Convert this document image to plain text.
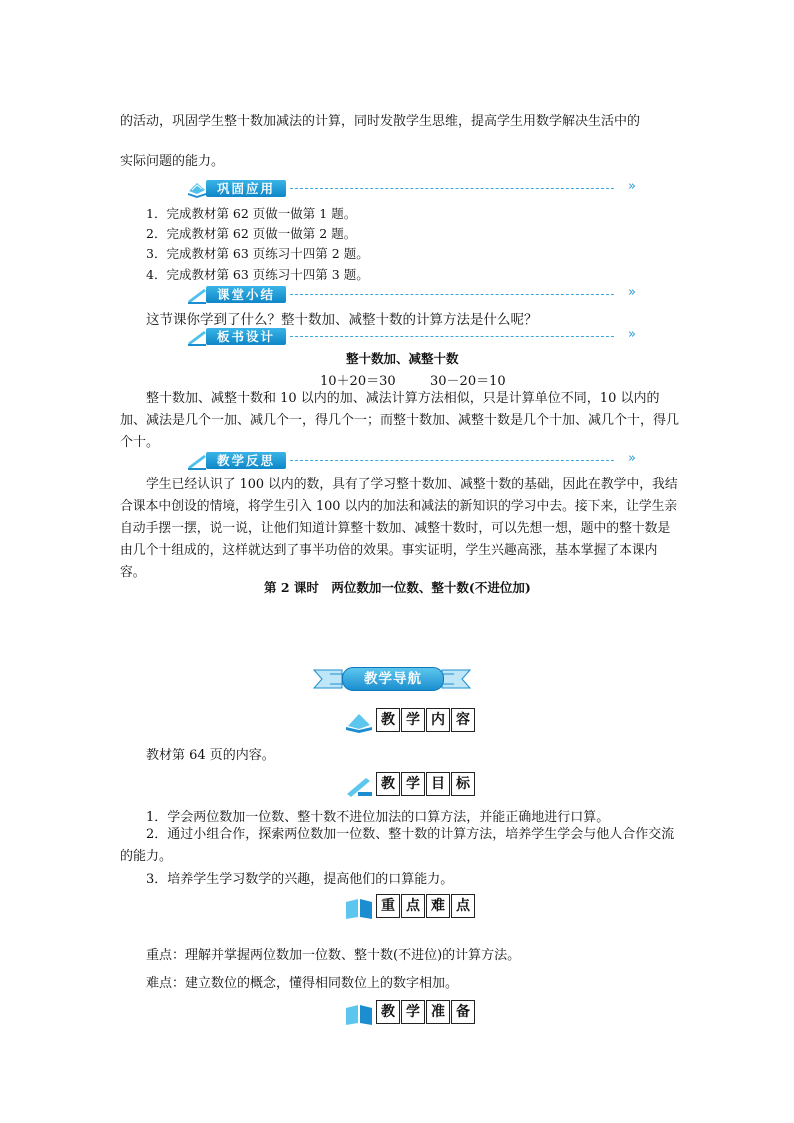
的活动，巩固学生整十数加减法的计算，同时发散学生思维，提高学生用数学解决生活中的
实际问题的能力。
巩固应用	»
1．完成教材第 62 页做一做第 1 题。
2．完成教材第 62 页做一做第 2 题。
3．完成教材第 63 页练习十四第 2 题。
4．完成教材第 63 页练习十四第 3 题。
课堂小结	»
这节课你学到了什么？整十数加、减整十数的计算方法是什么呢？
板书设计	»
整十数加、减整十数
10＋20＝30	30－20＝10
整十数加、减整十数和 10 以内的加、减法计算方法相似，只是计算单位不同，10 以内的加、减法是几个一加、减几个一，得几个一；而整十数加、减整十数是几个十加、减几个十，得几个十。
教学反思	»
学生已经认识了 100 以内的数，具有了学习整十数加、减整十数的基础，因此在教学中，我结合课本中创设的情境，将学生引入 100 以内的加法和减法的新知识的学习中去。接下来，让学生亲自动手摆一摆，说一说，让他们知道计算整十数加、减整十数时，可以先想一想，题中的整十数是由几个十组成的，这样就达到了事半功倍的效果。事实证明，学生兴趣高涨，基本掌握了本课内容。
第 2 课时　两位数加一位数、整十数(不进位加)
教学导航
教 学 内 容
教材第 64 页的内容。
教 学 目 标
1．学会两位数加一位数、整十数不进位加法的口算方法，并能正确地进行口算。
2．通过小组合作，探索两位数加一位数、整十数的计算方法，培养学生学会与他人合作交流的能力。
3．培养学生学习数学的兴趣，提高他们的口算能力。
重 点 难 点
重点：理解并掌握两位数加一位数、整十数(不进位)的计算方法。
难点：建立数位的概念，懂得相同数位上的数字相加。
教 学 准 备
